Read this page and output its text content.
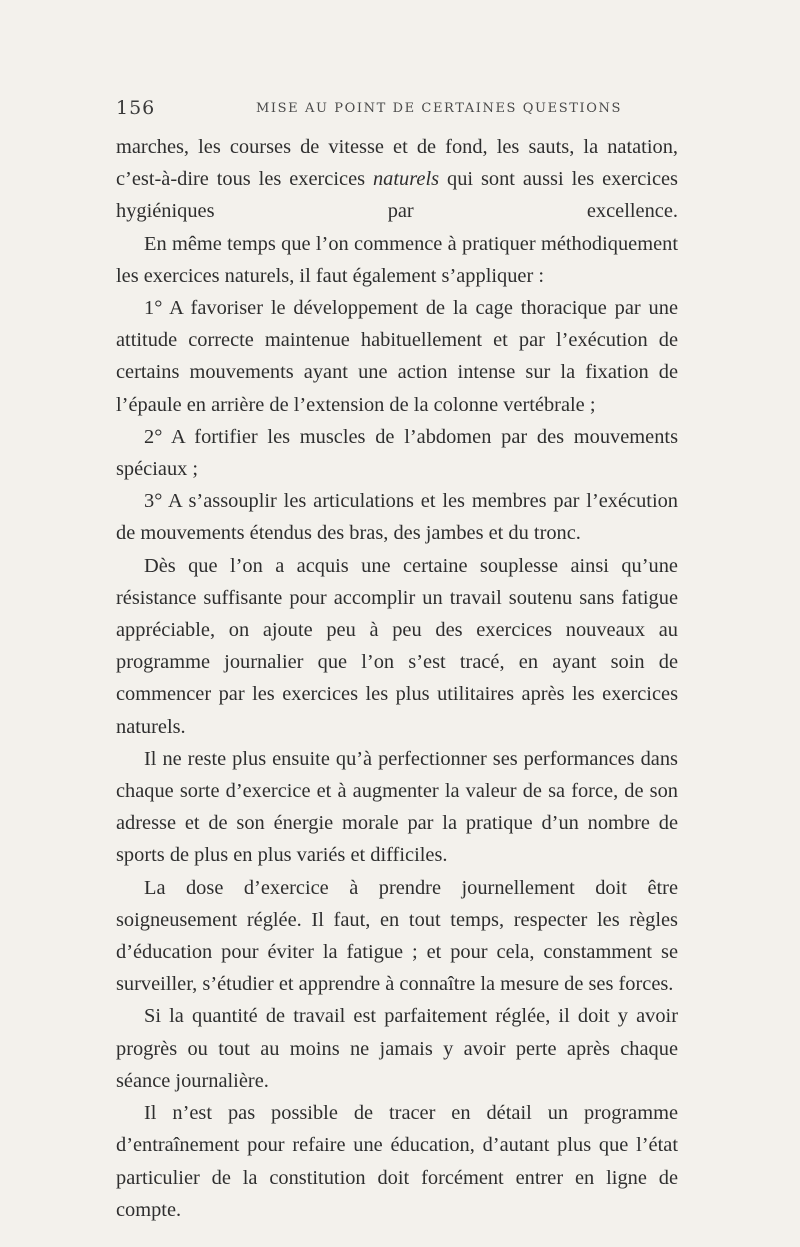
156	MISE AU POINT DE CERTAINES QUESTIONS

marches, les courses de vitesse et de fond, les sauts, la natation, c’est-à-dire tous les exercices naturels qui sont aussi les exercices hygiéniques par excellence.

En même temps que l’on commence à pratiquer méthodiquement les exercices naturels, il faut également s’appliquer :

1° A favoriser le développement de la cage thoracique par une attitude correcte maintenue habituellement et par l’exécution de certains mouvements ayant une action intense sur la fixation de l’épaule en arrière de l’extension de la colonne vertébrale ;

2° A fortifier les muscles de l’abdomen par des mouvements spéciaux ;

3° A s’assouplir les articulations et les membres par l’exécution de mouvements étendus des bras, des jambes et du tronc.

Dès que l’on a acquis une certaine souplesse ainsi qu’une résistance suffisante pour accomplir un travail soutenu sans fatigue appréciable, on ajoute peu à peu des exercices nouveaux au programme journalier que l’on s’est tracé, en ayant soin de commencer par les exercices les plus utilitaires après les exercices naturels.

Il ne reste plus ensuite qu’à perfectionner ses performances dans chaque sorte d’exercice et à augmenter la valeur de sa force, de son adresse et de son énergie morale par la pratique d’un nombre de sports de plus en plus variés et difficiles.

La dose d’exercice à prendre journellement doit être soigneusement réglée. Il faut, en tout temps, respecter les règles d’éducation pour éviter la fatigue ; et pour cela, constamment se surveiller, s’étudier et apprendre à connaître la mesure de ses forces.

Si la quantité de travail est parfaitement réglée, il doit y avoir progrès ou tout au moins ne jamais y avoir perte après chaque séance journalière.

Il n’est pas possible de tracer en détail un programme d’entraînement pour refaire une éducation, d’autant plus que l’état particulier de la constitution doit forcément entrer en ligne de compte.
